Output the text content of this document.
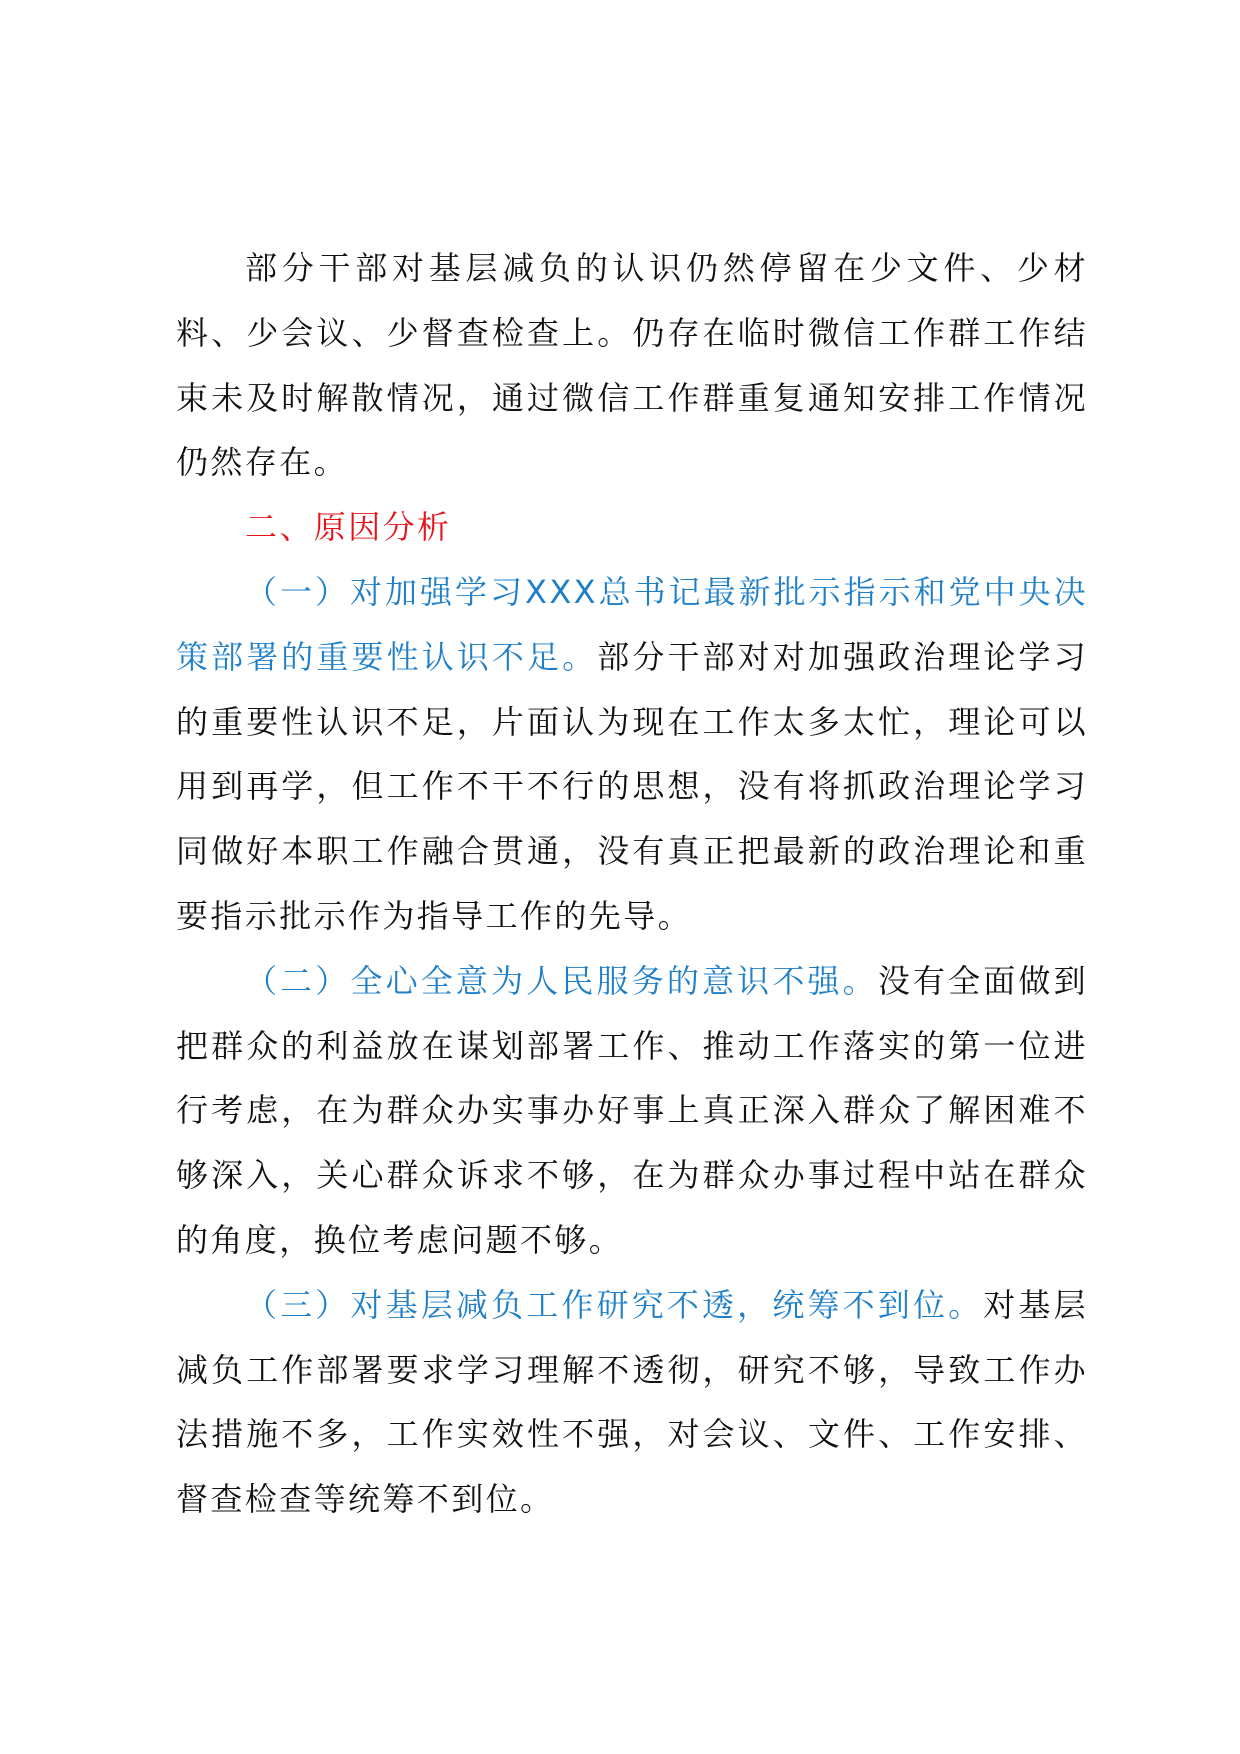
部分干部对基层减负的认识仍然停留在少文件、少材料、少会议、少督查检查上。仍存在临时微信工作群工作结束未及时解散情况，通过微信工作群重复通知安排工作情况仍然存在。

二、原因分析

（一）对加强学习XXX总书记最新批示指示和党中央决策部署的重要性认识不足。部分干部对对加强政治理论学习的重要性认识不足，片面认为现在工作太多太忙，理论可以用到再学，但工作不干不行的思想，没有将抓政治理论学习同做好本职工作融合贯通，没有真正把最新的政治理论和重要指示批示作为指导工作的先导。

（二）全心全意为人民服务的意识不强。没有全面做到把群众的利益放在谋划部署工作、推动工作落实的第一位进行考虑，在为群众办实事办好事上真正深入群众了解困难不够深入，关心群众诉求不够，在为群众办事过程中站在群众的角度，换位考虑问题不够。

（三）对基层减负工作研究不透，统筹不到位。对基层减负工作部署要求学习理解不透彻，研究不够，导致工作办法措施不多，工作实效性不强，对会议、文件、工作安排、督查检查等统筹不到位。
